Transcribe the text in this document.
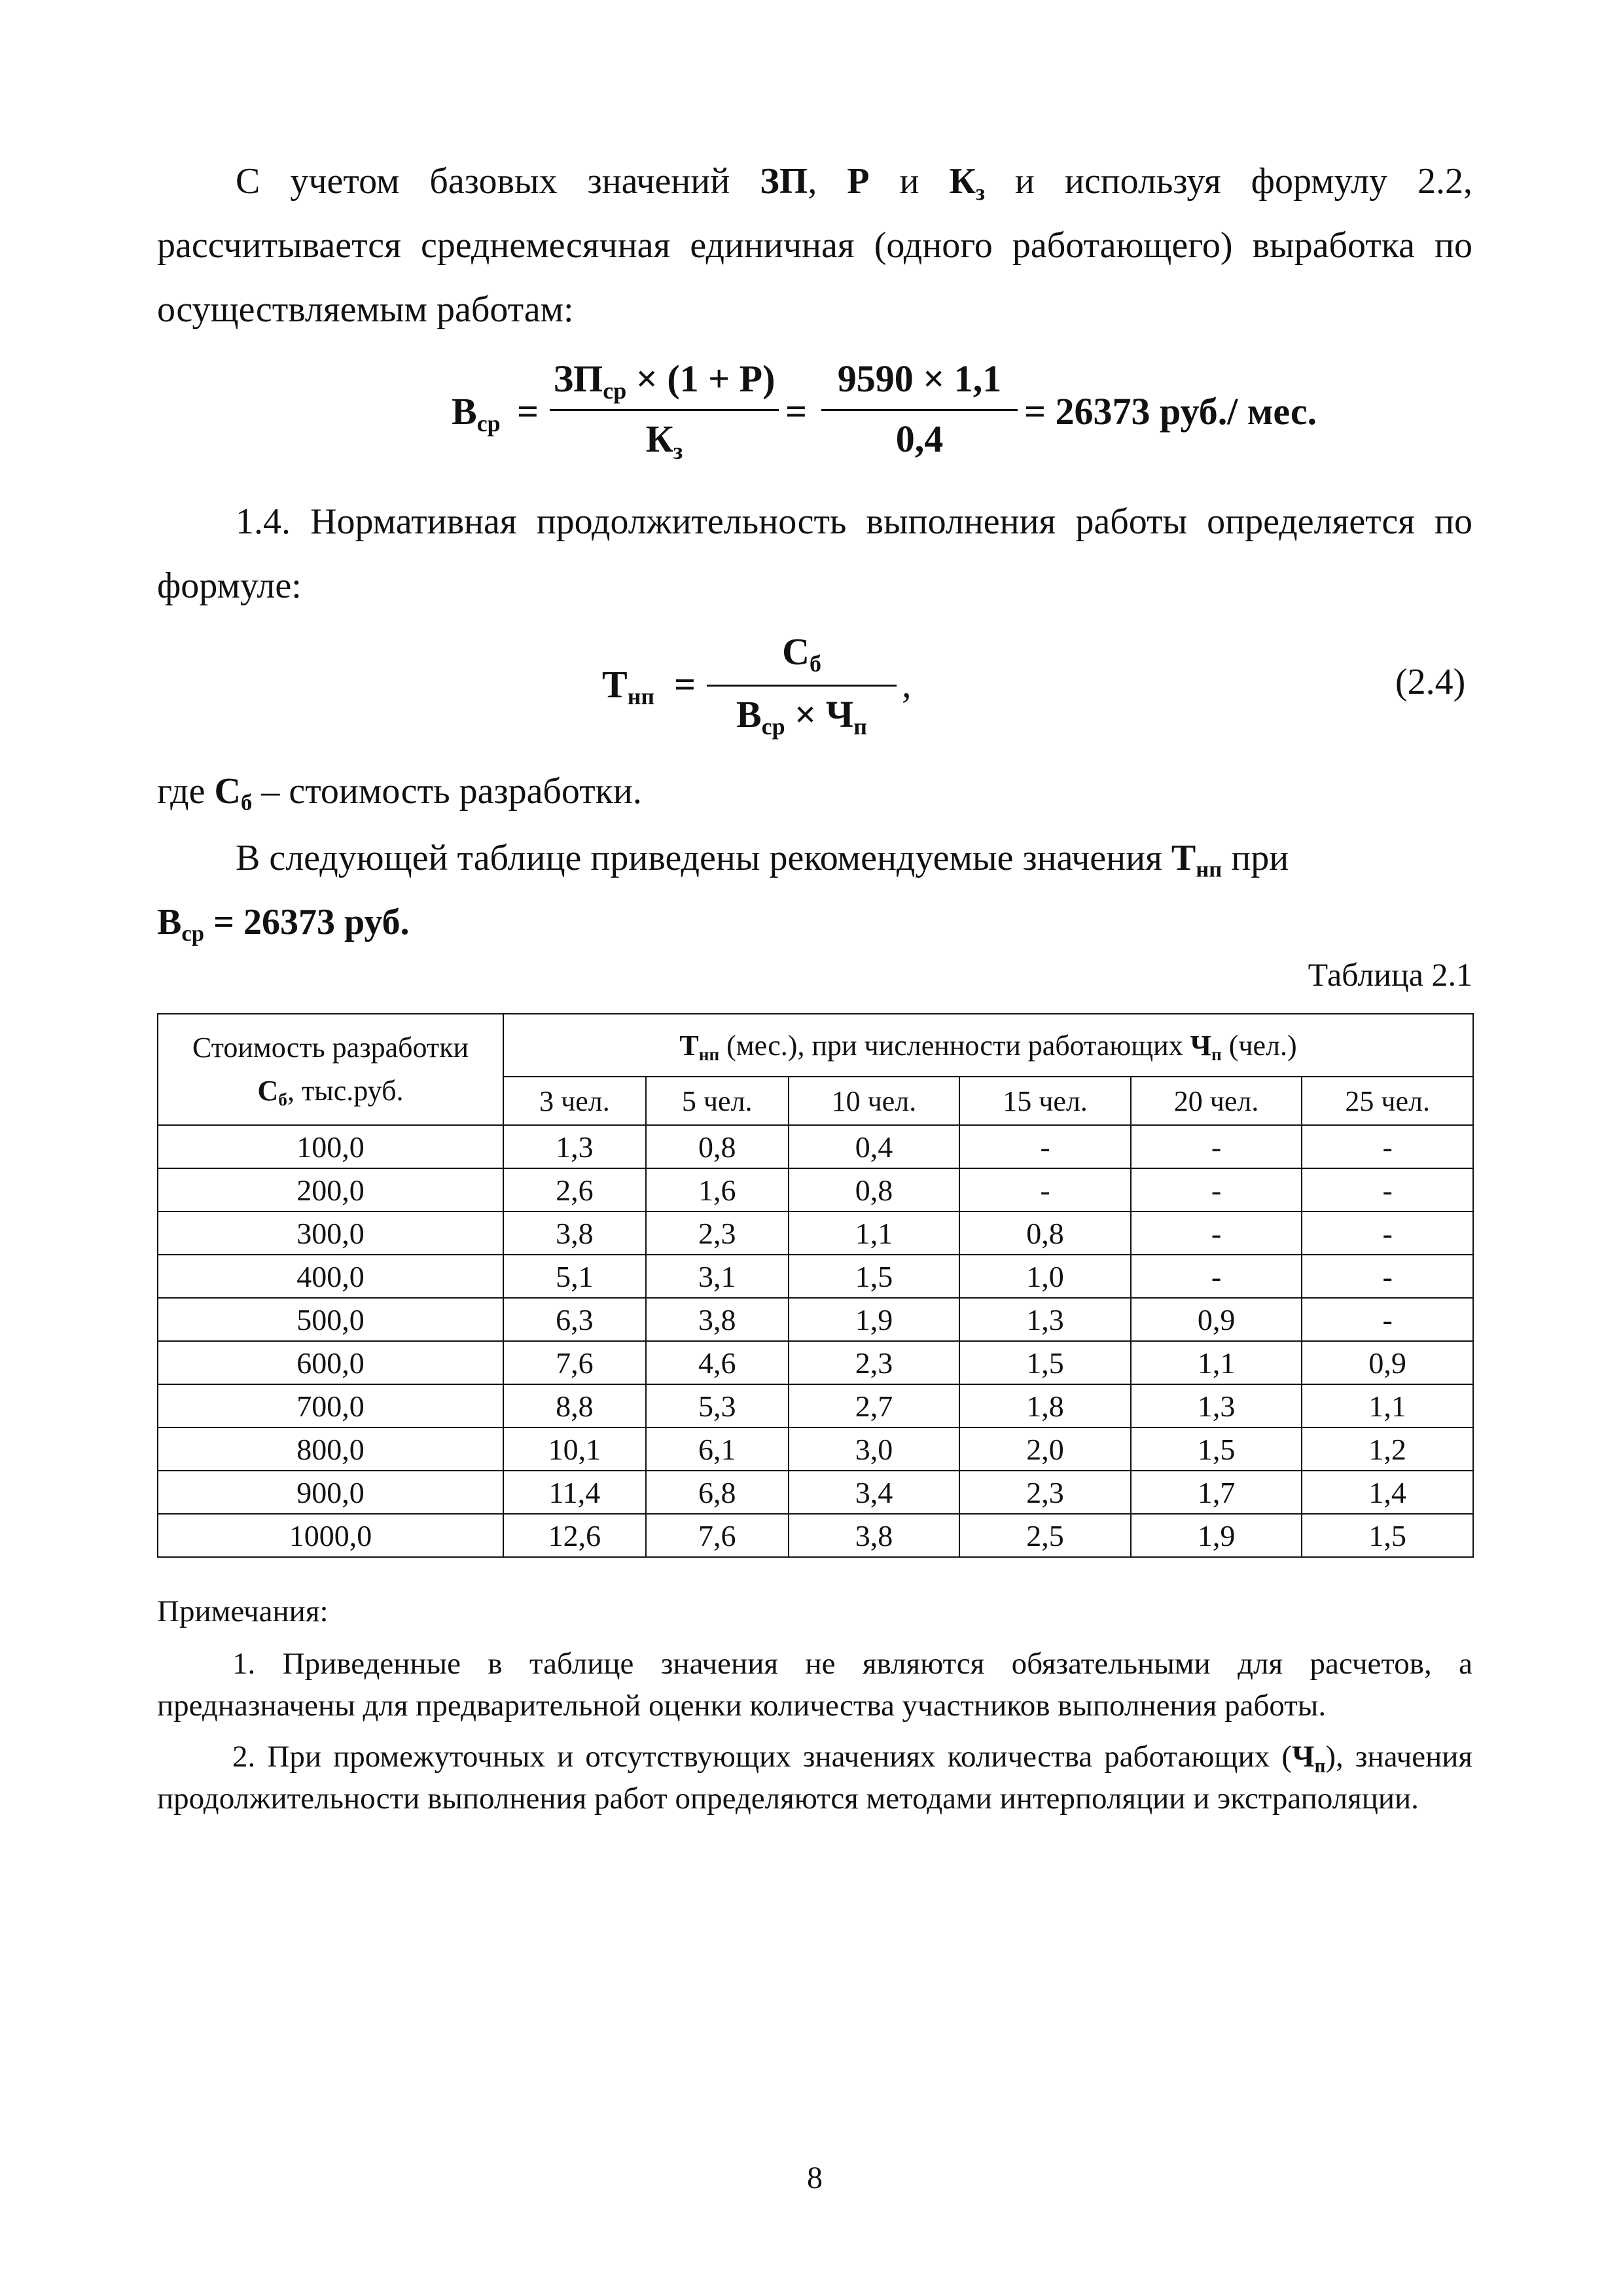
С учетом базовых значений ЗП, Р и $К_з$ и используя формулу 2.2, рассчитывается среднемесячная единичная (одного работающего) выработка по осуществляемым работам:
$В_{ср}$ =
$ЗП_{ср} \times (1 + Р)$
$К_з$
=
9590 × 1,1
0,4
= 26373 руб./ мес.
1.4. Нормативная продолжительность выполнения работы определяется по формуле:
$Т_{нп}$ =
$С_б$
$В_{ср} \times Ч_п$
,	(2.4)
где $С_б$ – стоимость разработки.
В следующей таблице приведены рекомендуемые значения $Т_{нп}$ при
$В_{ср} = 26373$ руб.
Таблица 2.1
Стоимость разработки
$С_б$, тыс.руб.	$Т_{нп}$ (мес.), при численности работающих $Ч_п$ (чел.)					
	3 чел.	5 чел.	10 чел.	15 чел.	20 чел.	25 чел.
100,0	1,3	0,8	0,4	-	-	-
200,0	2,6	1,6	0,8	-	-	-
300,0	3,8	2,3	1,1	0,8	-	-
400,0	5,1	3,1	1,5	1,0	-	-
500,0	6,3	3,8	1,9	1,3	0,9	-
600,0	7,6	4,6	2,3	1,5	1,1	0,9
700,0	8,8	5,3	2,7	1,8	1,3	1,1
800,0	10,1	6,1	3,0	2,0	1,5	1,2
900,0	11,4	6,8	3,4	2,3	1,7	1,4
1000,0	12,6	7,6	3,8	2,5	1,9	1,5
Примечания:
1. Приведенные в таблице значения не являются обязательными для расчетов, а предназначены для предварительной оценки количества участников выполнения работы.
2. При промежуточных и отсутствующих значениях количества работающих $(Ч_п)$, значения продолжительности выполнения работ определяются методами интерполяции и экстраполяции.
8
